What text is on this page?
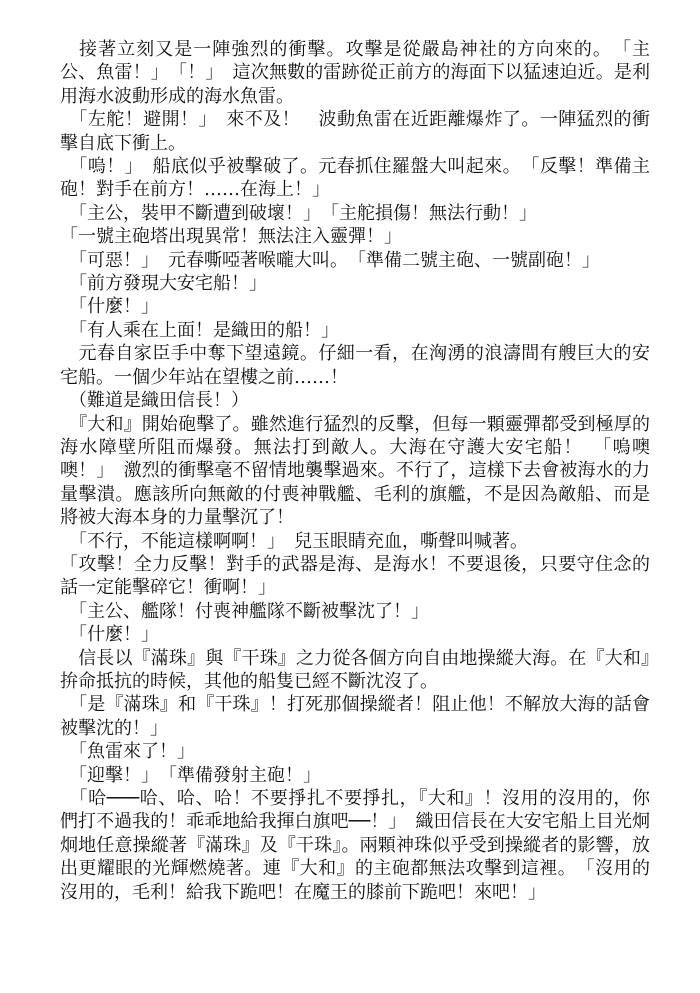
　接著立刻又是一陣強烈的衝擊。攻擊是從嚴島神社的方向來的。　「主公、魚雷！」　「！」　這次無數的雷跡從正前方的海面下以猛速迫近。是利用海水波動形成的海水魚雷。

　「左舵！避開！」　來不及！　波動魚雷在近距離爆炸了。一陣猛烈的衝擊自底下衝上。

　「嗚！」　船底似乎被擊破了。元春抓住羅盤大叫起來。　「反擊！準備主砲！對手在前方！……在海上！」

　「主公，裝甲不斷遭到破壞！」　「主舵損傷！無法行動！」

「一號主砲塔出現異常！無法注入靈彈！」

　「可惡！」　元春嘶啞著喉嚨大叫。　「準備二號主砲、一號副砲！」

　「前方發現大安宅船！」

　「什麼！」

　「有人乘在上面！是織田的船！」

　元春自家臣手中奪下望遠鏡。仔細一看，在洶湧的浪濤間有艘巨大的安宅船。一個少年站在望樓之前……！

　（難道是織田信長！）

　『大和』開始砲擊了。雖然進行猛烈的反擊，但每一顆靈彈都受到極厚的海水障壁所阻而爆發。無法打到敵人。大海在守護大安宅船！　「嗚噢噢！」　激烈的衝擊毫不留情地襲擊過來。不行了，這樣下去會被海水的力量擊潰。應該所向無敵的付喪神戰艦、毛利的旗艦，不是因為敵船、而是將被大海本身的力量擊沉了！

　「不行，不能這樣啊啊！」　兒玉眼睛充血，嘶聲叫喊著。

「攻擊！全力反擊！對手的武器是海、是海水！不要退後，只要守住念的話一定能擊碎它！衝啊！」

　「主公、艦隊！付喪神艦隊不斷被擊沈了！」

　「什麼！」

　信長以『滿珠』與『干珠』之力從各個方向自由地操縱大海。在『大和』拚命抵抗的時候，其他的船隻已經不斷沈沒了。

　「是『滿珠』和『干珠』！打死那個操縱者！阻止他！不解放大海的話會被擊沈的！」

　「魚雷來了！」

　「迎擊！」　「準備發射主砲！」

　「哈───哈、哈、哈！不要掙扎不要掙扎，『大和』！沒用的沒用的，你們打不過我的！乖乖地給我揮白旗吧──！」　織田信長在大安宅船上目光炯炯地任意操縱著『滿珠』及『干珠』。兩顆神珠似乎受到操縱者的影響，放出更耀眼的光輝燃燒著。連『大和』的主砲都無法攻擊到這裡。　「沒用的沒用的，毛利！給我下跪吧！在魔王的膝前下跪吧！來吧！」
